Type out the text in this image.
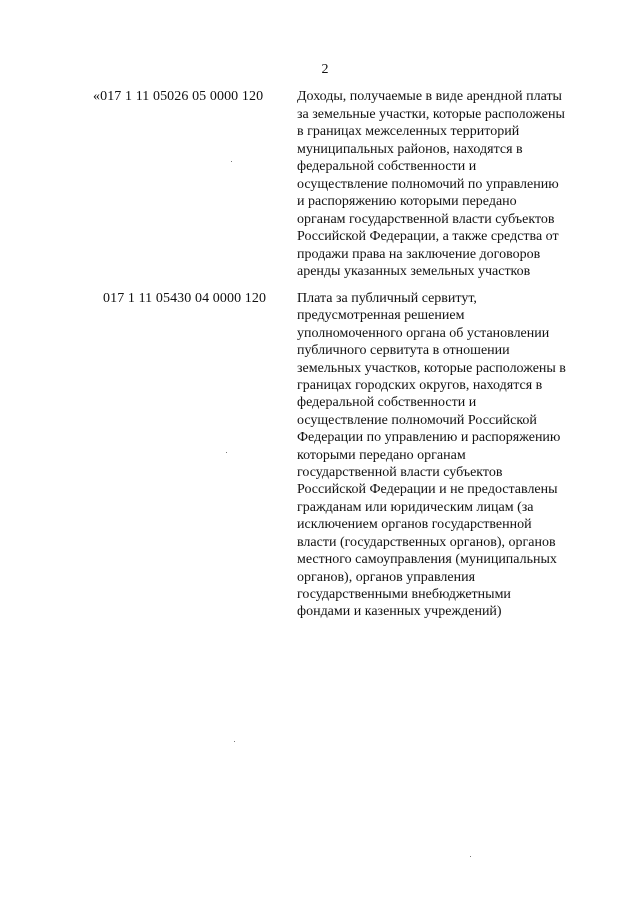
2
«017 1 11 05026 05 0000 120 Доходы, получаемые в виде арендной платы
за земельные участки, которые расположены
в границах межселенных территорий
муниципальных районов, находятся в
федеральной собственности и
осуществление полномочий по управлению
и распоряжению которыми передано
органам государственной власти субъектов
Российской Федерации, а также средства от
продажи права на заключение договоров
аренды указанных земельных участков
017 1 11 05430 04 0000 120 Плата за публичный сервитут,
предусмотренная решением
уполномоченного органа об установлении
публичного сервитута в отношении
земельных участков, которые расположены в
границах городских округов, находятся в
федеральной собственности и
осуществление полномочий Российской
Федерации по управлению и распоряжению
которыми передано органам
государственной власти субъектов
Российской Федерации и не предоставлены
гражданам или юридическим лицам (за
исключением органов государственной
власти (государственных органов), органов
местного самоуправления (муниципальных
органов), органов управления
государственными внебюджетными
фондами и казенных учреждений)
